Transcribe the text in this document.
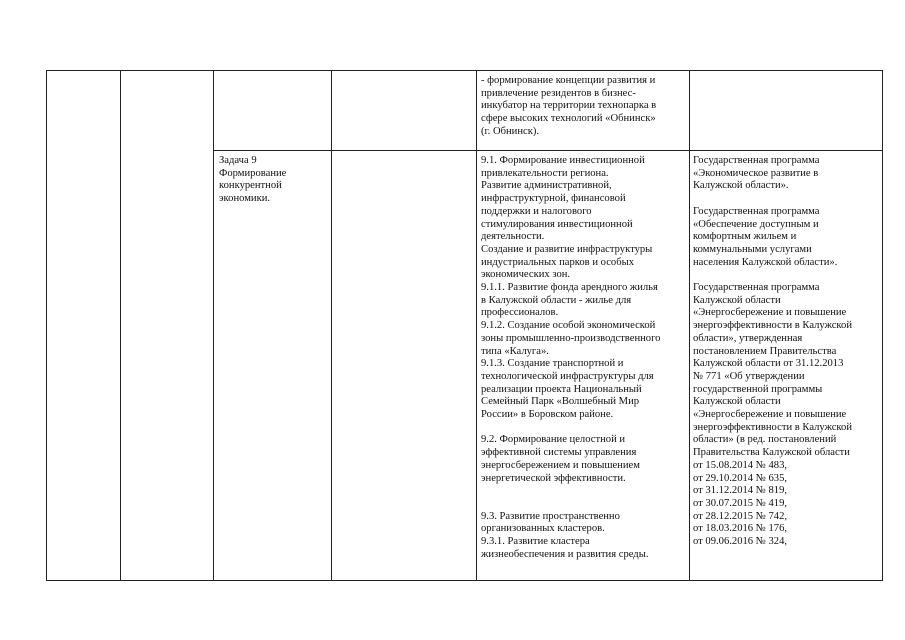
- формирование концепции развития и
привлечение резидентов в бизнес-
инкубатор на территории технопарка в
сфере высоких технологий «Обнинск»
(г. Обнинск).
Задача 9
Формирование
конкурентной
экономики.
9.1. Формирование инвестиционной
привлекательности региона.
Развитие административной,
инфраструктурной, финансовой
поддержки и налогового
стимулирования инвестиционной
деятельности.
Создание и развитие инфраструктуры
индустриальных парков и особых
экономических зон.
9.1.1. Развитие фонда арендного жилья
в Калужской области - жилье для
профессионалов.
9.1.2. Создание особой экономической
зоны промышленно-производственного
типа «Калуга».
9.1.3. Создание транспортной и
технологической инфраструктуры для
реализации проекта Национальный
Семейный Парк «Волшебный Мир
России» в Боровском районе.

9.2. Формирование целостной и
эффективной системы управления
энергосбережением и повышением
энергетической эффективности.

9.3. Развитие пространственно
организованных кластеров.
9.3.1. Развитие кластера
жизнеобеспечения и развития среды.
Государственная программа
«Экономическое развитие в
Калужской области».

Государственная программа
«Обеспечение доступным и
комфортным жильем и
коммунальными услугами
населения Калужской области».

Государственная программа
Калужской области
«Энергосбережение и повышение
энергоэффективности в Калужской
области», утвержденная
постановлением Правительства
Калужской области от 31.12.2013
№ 771 «Об утверждении
государственной программы
Калужской области
«Энергосбережение и повышение
энергоэффективности в Калужской
области» (в ред. постановлений
Правительства Калужской области
от 15.08.2014 № 483,
от 29.10.2014 № 635,
от 31.12.2014 № 819,
от 30.07.2015 № 419,
от 28.12.2015 № 742,
от 18.03.2016 № 176,
от 09.06.2016 № 324,
